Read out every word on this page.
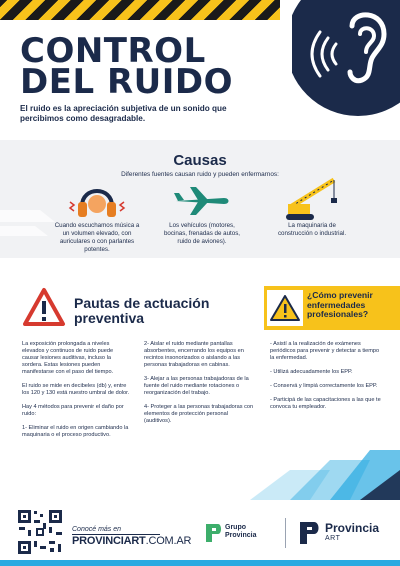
CONTROL
DEL RUIDO
El ruido es la apreciación subjetiva de un sonido que percibimos como desagradable.
Causas
Diferentes fuentes causan ruido y pueden enfermarnos:
Cuando escuchamos música a un volumen elevado, con auriculares o con parlantes potentes.
Los vehículos (motores, bocinas, frenadas de autos, ruido de aviones).
La maquinaria de construcción o industrial.
Pautas de actuación preventiva

La exposición prolongada a niveles elevados y continuos de ruido puede causar lesiones auditivas, incluso la sordera. Estas lesiones pueden manifestarse con el paso del tiempo.

El ruido se mide en decibeles (db) y, entre los 120 y 130 está nuestro umbral de dolor.

Hay 4 métodos para prevenir el daño por ruido:

1- Eliminar el ruido en origen cambiando la maquinaria o el proceso productivo.

2- Aislar el ruido mediante pantallas absorbentes, encerrando los equipos en recintos insonorizados o aislando a las personas trabajadoras en cabinas.

3- Alejar a las personas trabajadoras de la fuente del ruido mediante rotaciones o reorganización del trabajo.

4- Proteger a las personas trabajadoras con elementos de protección personal (auditivos).

¿Cómo prevenir enfermedades profesionales?

- Asistí a la realización de exámenes periódicos para prevenir y detectar a tiempo la enfermedad.

- Utilizá adecuadamente los EPP.

- Conservá y limpiá correctamente los EPP.

- Participá de las capacitaciones a las que te convoca tu empleador.

Conocé más en
PROVINCIART.COM.AR
Grupo
Provincia
Provincia
ART
